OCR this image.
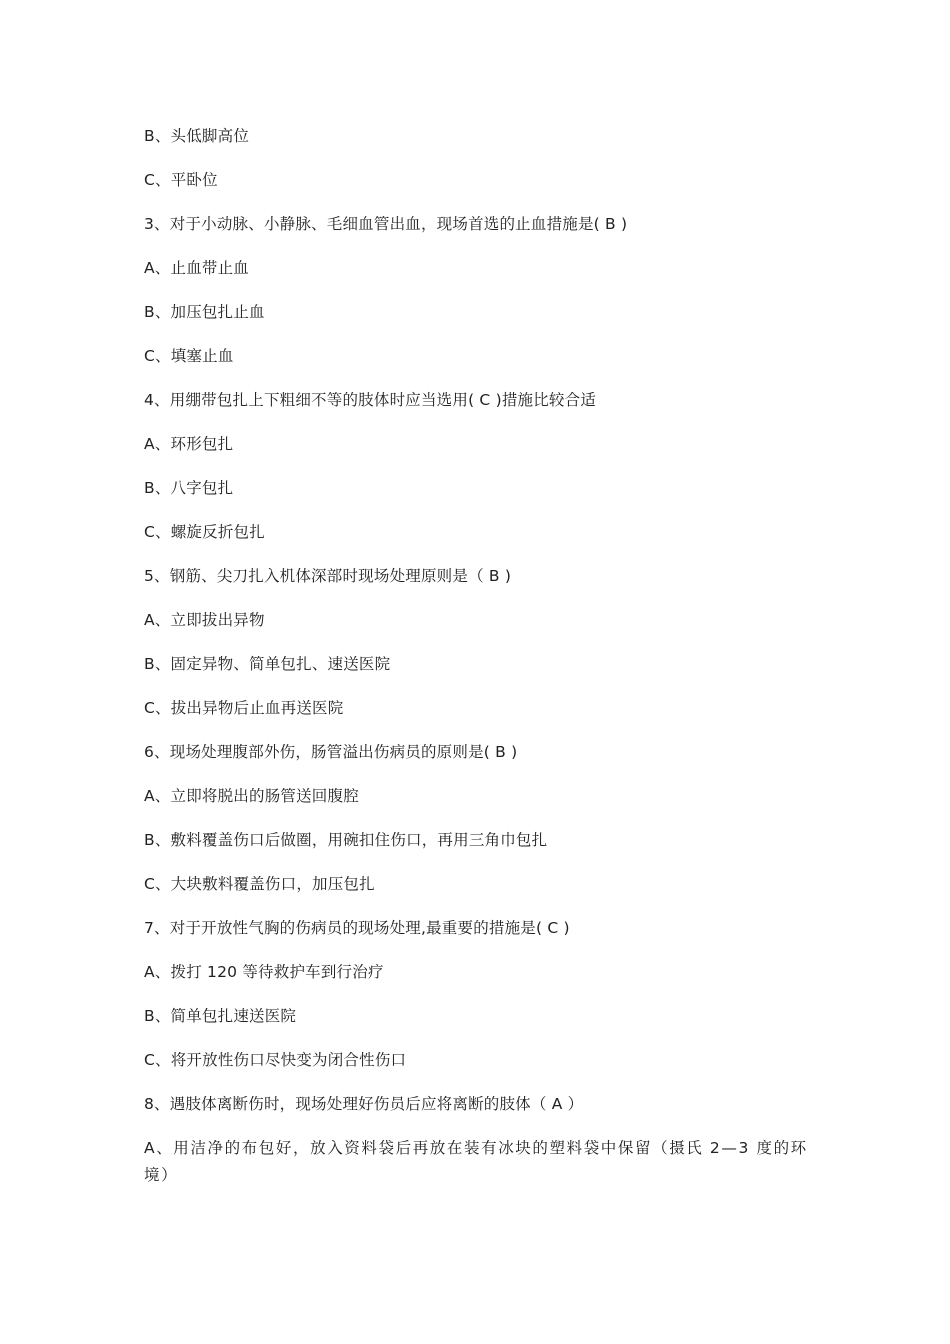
B、头低脚高位
C、平卧位
3、对于小动脉、小静脉、毛细血管出血，现场首选的止血措施是( B )
A、止血带止血
B、加压包扎止血
C、填塞止血
4、用绷带包扎上下粗细不等的肢体时应当选用( C )措施比较合适
A、环形包扎
B、八字包扎
C、螺旋反折包扎
5、钢筋、尖刀扎入机体深部时现场处理原则是（ B )
A、立即拔出异物
B、固定异物、简单包扎、速送医院
C、拔出异物后止血再送医院
6、现场处理腹部外伤，肠管溢出伤病员的原则是( B )
A、立即将脱出的肠管送回腹腔
B、敷料覆盖伤口后做圈，用碗扣住伤口，再用三角巾包扎
C、大块敷料覆盖伤口，加压包扎
7、对于开放性气胸的伤病员的现场处理,最重要的措施是( C )
A、拨打 120 等待救护车到行治疗
B、简单包扎速送医院
C、将开放性伤口尽快变为闭合性伤口
8、遇肢体离断伤时，现场处理好伤员后应将离断的肢体（ A ）
A、用洁净的布包好，放入资料袋后再放在装有冰块的塑料袋中保留（摄氏 2—3 度的环境）
